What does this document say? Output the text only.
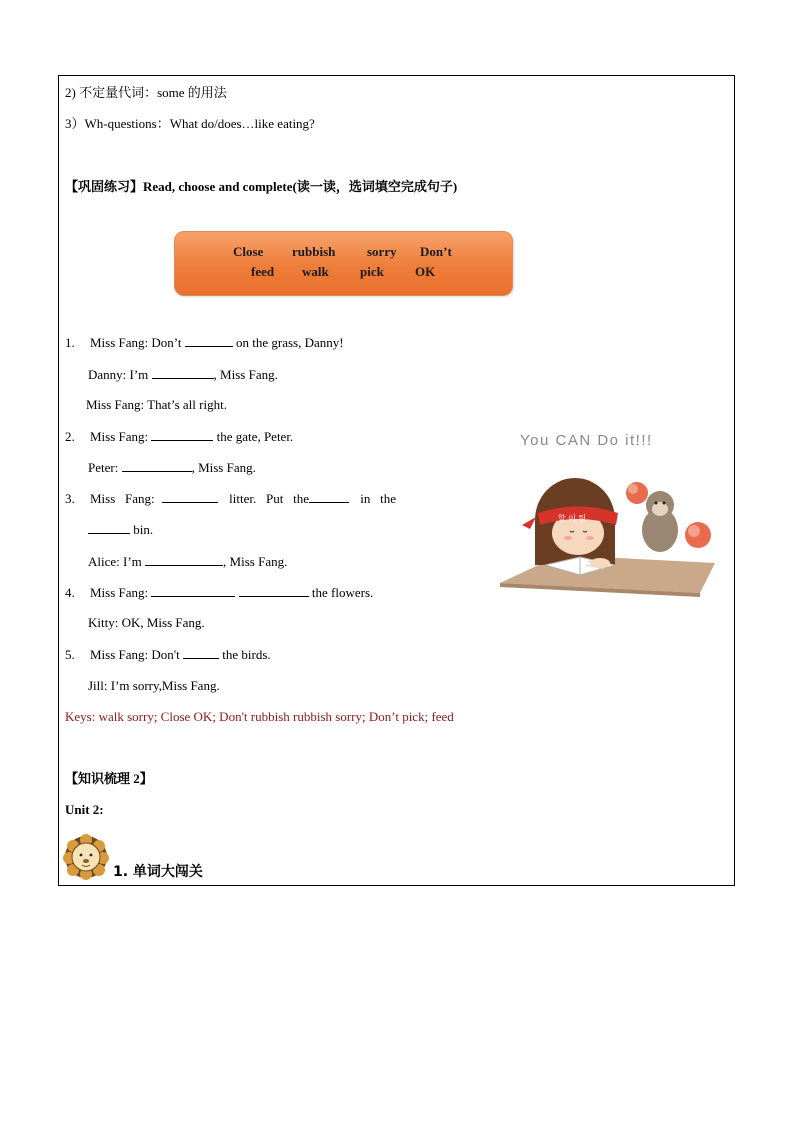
2) 不定量代词：some 的用法
3）Wh-questions：What do/does…like eating?
【巩固练习】Read, choose and complete(读一读，选词填空完成句子)
Close rubbish sorry Don’t
feed walk pick OK
1. Miss Fang: Don’t	on the grass, Danny!
Danny: I’m	, Miss Fang.
Miss Fang: That’s all right.
2. Miss Fang:	the gate, Peter.
Peter:	, Miss Fang.
3. Miss   Fang:	litter.   Put   the	in   the
bin.
Alice: I’m	, Miss Fang.
4. Miss Fang:	the flowers.
Kitty: OK, Miss Fang.
5. Miss Fang: Don't	the birds.
Jill: I’m sorry,Miss Fang.
Keys: walk sorry; Close OK; Don't rubbish rubbish sorry; Don’t pick; feed
【知识梳理 2】
Unit 2:
1. 单词大闯关
You CAN Do it!!!
할 이 팅
